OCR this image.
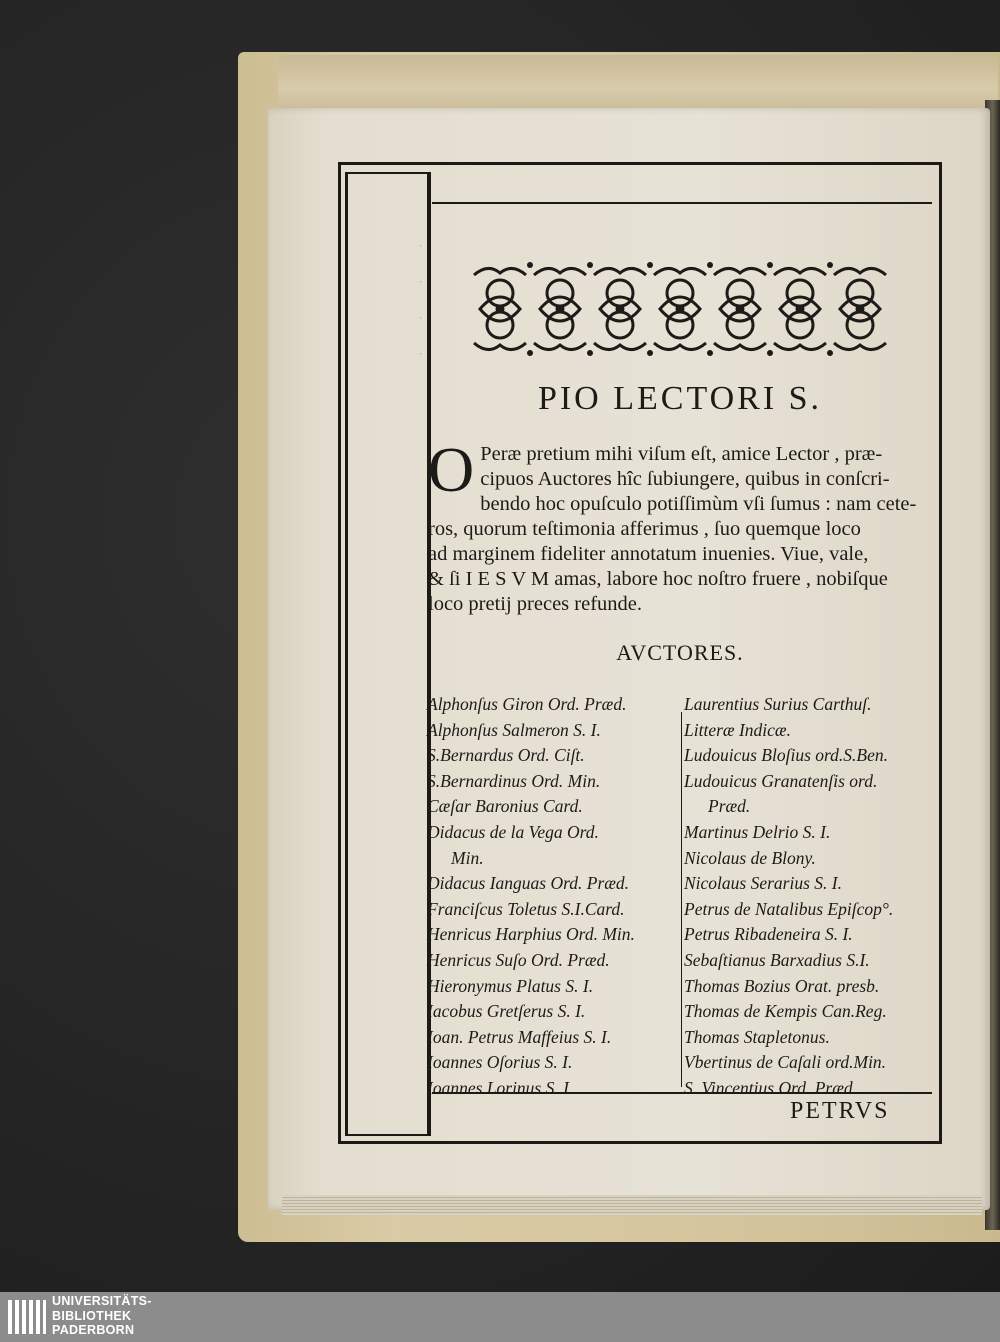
·
·
·
·
PIO LECTORI S.
O Peræ pretium mihi viſum eſt, amice Lector , præ-
cipuos Auctores hîc ſubiungere, quibus in conſcri-
bendo hoc opuſculo potiſſimùm vſi ſumus : nam cete-
ros, quorum teſtimonia afferimus , ſuo quemque loco
ad marginem fideliter annotatum inuenies. Viue, vale,
& ſi I E S V M amas, labore hoc noſtro fruere , nobiſque
loco pretij preces refunde.
AVCTORES.
Alphonſus Giron Ord. Præd.
Alphonſus Salmeron S. I.
S.Bernardus Ord. Ciſt.
S.Bernardinus Ord. Min.
Cæſar Baronius Card.
Didacus de la Vega Ord.
Min.
Didacus Ianguas Ord. Præd.
Franciſcus Toletus S.I.Card.
Henricus Harphius Ord. Min.
Henricus Suſo Ord. Præd.
Hieronymus Platus S. I.
Iacobus Gretſerus S. I.
Ioan. Petrus Maffeius S. I.
Ioannes Oſorius S. I.
Ioannes Lorinus S. I.
Laurentius Surius Carthuſ.
Litteræ Indicæ.
Ludouicus Bloſius ord.S.Ben.
Ludouicus Granatenſis ord.
Præd.
Martinus Delrio S. I.
Nicolaus de Blony.
Nicolaus Serarius S. I.
Petrus de Natalibus Epiſcop°.
Petrus Ribadeneira S. I.
Sebaſtianus Barxadius S.I.
Thomas Bozius Orat. presb.
Thomas de Kempis Can.Reg.
Thomas Stapletonus.
Vbertinus de Caſali ord.Min.
S. Vincentius Ord. Præd.
PETRVS
UNIVERSITÄTS-
BIBLIOTHEK
PADERBORN
